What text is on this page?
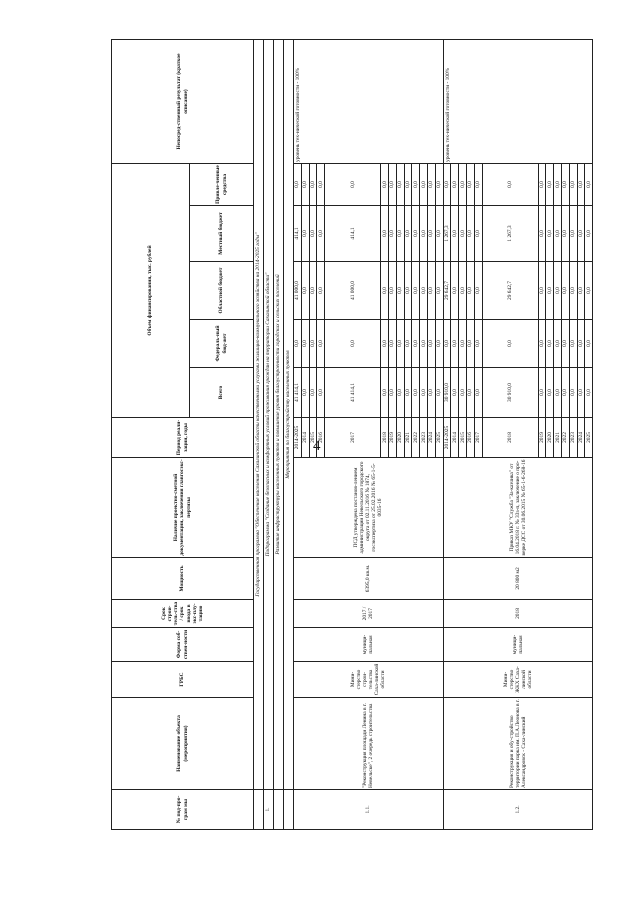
4
№ под-про-грам мы	Наименование объекта (мероприятия)	ГРБС	Форма соб-ствен-ности	Срок строи-тель-ства / срок ввода в экс-плу-тацию	Мощность	Наличие проектно-сметной документации, заключения главгосэкс-пертизы	Период реали-зации, годы	Объем финансирования, тыс. рублей					Непосред-ственный результат (краткое описание)
								Всего	Федераль-ный бюд-жет	Областной бюджет	Местный бюджет	Привле-ченные средства	
	Государственная программа "Обеспечение населения Сахалинской области качественными услугами жилищно-коммунального хозяйства на 2014-2025 годы"												
1.	Подпрограмма "Создание безопасных и комфортных условий проживания граждан на территории Сахалинской области"												
	Развитие инфраструктуры населенных пунктов и повышение уровня благоустроенности городских и сельских поселений												
	Мероприятия по благоустройству населенных пунктов												
1.1.	"Реконструкция площади Ленина в г. Невельске", 2 очередь строительства	Мини-стерство строи-тельства Саха-линской области	муници-пальная	2017 / 2017	6395,0 кв.м.	ПСД утверждена постанов-лением администрации Невельского городского округа от 02.11.2016 № 1874, госэкспертиза от 25.02.2016 № 65-1-5-0035-16	2014-2025	41 414,1	0,0	41 000,0	414,1	0,0	уровень тех-нической готовности - 100%
							2014	0,0	0,0	0,0	0,0	0,0	
							2015	0,0	0,0	0,0	0,0	0,0	
							2016	0,0	0,0	0,0	0,0	0,0	
							2017	41 414,1	0,0	41 000,0	414,1	0,0	
							2018	0,0	0,0	0,0	0,0	0,0	
							2019	0,0	0,0	0,0	0,0	0,0	
							2020	0,0	0,0	0,0	0,0	0,0	
							2021	0,0	0,0	0,0	0,0	0,0	
							2022	0,0	0,0	0,0	0,0	0,0	
							2023	0,0	0,0	0,0	0,0	0,0	
							2024	0,0	0,0	0,0	0,0	0,0	
							2025	0,0	0,0	0,0	0,0	0,0	
1.2.	Реконструкция и обу-стройство территории парка им. П.А.Леонова в г. Александровск - Саха-линский	Мини-стерство ЖКХ Саха-линской области	муници-пальная	2018	20 800 м2	Приказ МКУ "Служба "За-казчика" от 16.04.2018 г. № 33з-п, заключение о про-верке ДСС от 30.06.2015 № 65-1-6-268-16	2014-2025	30 910,0	0,0	29 642,7	1 267,3	0,0	уровень тех-нической готовности - 100%
							2014	0,0	0,0	0,0	0,0	0,0	
							2015	0,0	0,0	0,0	0,0	0,0	
							2016	0,0	0,0	0,0	0,0	0,0	
							2017	0,0	0,0	0,0	0,0	0,0	
							2018	30 910,0	0,0	29 642,7	1 267,3	0,0	
							2019	0,0	0,0	0,0	0,0	0,0	
							2020	0,0	0,0	0,0	0,0	0,0	
							2021	0,0	0,0	0,0	0,0	0,0	
							2022	0,0	0,0	0,0	0,0	0,0	
							2023	0,0	0,0	0,0	0,0	0,0	
							2024	0,0	0,0	0,0	0,0	0,0	
							2025	0,0	0,0	0,0	0,0	0,0	
